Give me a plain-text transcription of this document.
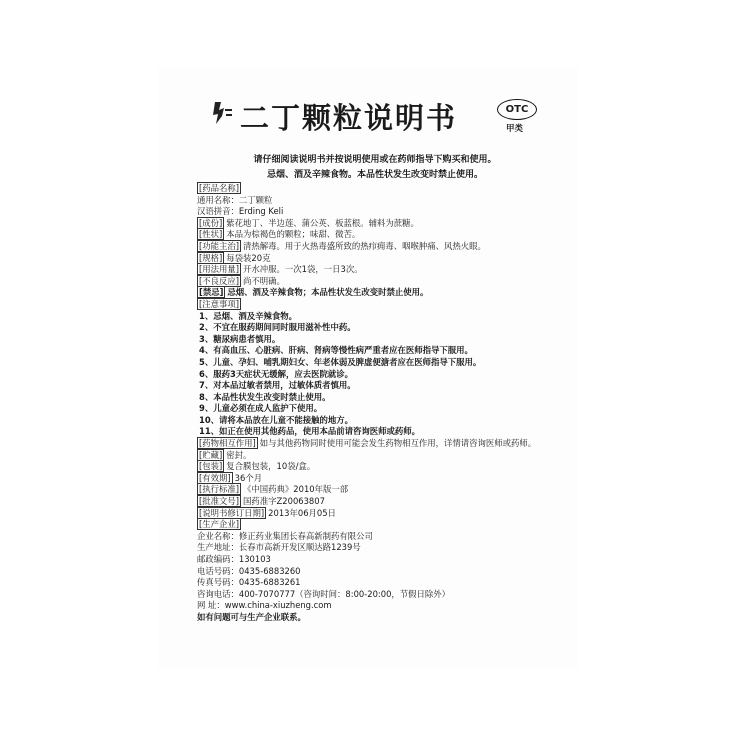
二丁颗粒说明书	OTC
甲类
请仔细阅读说明书并按说明使用或在药师指导下购买和使用。
忌烟、酒及辛辣食物。本品性状发生改变时禁止使用。
[药品名称]
通用名称：二丁颗粒
汉语拼音：Erding Keli
[成份] 紫花地丁、半边莲、蒲公英、板蓝根。辅料为蔗糖。
[性状] 本品为棕褐色的颗粒；味甜、微苦。
[功能主治] 清热解毒。用于火热毒盛所致的热疖痈毒、咽喉肿痛、风热火眼。
[规格] 每袋装20克
[用法用量] 开水冲服。一次1袋，一日3次。
[不良反应] 尚不明确。
[禁忌] 忌烟、酒及辛辣食物；本品性状发生改变时禁止使用。
[注意事项]
1、忌烟、酒及辛辣食物。
2、不宜在服药期间同时服用滋补性中药。
3、糖尿病患者慎用。
4、有高血压、心脏病、肝病、肾病等慢性病严重者应在医师指导下服用。
5、儿童、孕妇、哺乳期妇女、年老体弱及脾虚便溏者应在医师指导下服用。
6、服药3天症状无缓解，应去医院就诊。
7、对本品过敏者禁用，过敏体质者慎用。
8、本品性状发生改变时禁止使用。
9、儿童必须在成人监护下使用。
10、请将本品放在儿童不能接触的地方。
11、如正在使用其他药品，使用本品前请咨询医师或药师。
[药物相互作用] 如与其他药物同时使用可能会发生药物相互作用，详情请咨询医师或药师。
[贮藏] 密封。
[包装] 复合膜包装，10袋/盒。
[有效期] 36个月
[执行标准] 《中国药典》2010年版一部
[批准文号] 国药准字Z20063807
[说明书修订日期] 2013年06月05日
[生产企业]
企业名称：修正药业集团长春高新制药有限公司
生产地址：长春市高新开发区顺达路1239号
邮政编码：130103
电话号码：0435-6883260
传真号码：0435-6883261
咨询电话：400-7070777（咨询时间：8:00-20:00，节假日除外）
网 址：www.china-xiuzheng.com
如有问题可与生产企业联系。
